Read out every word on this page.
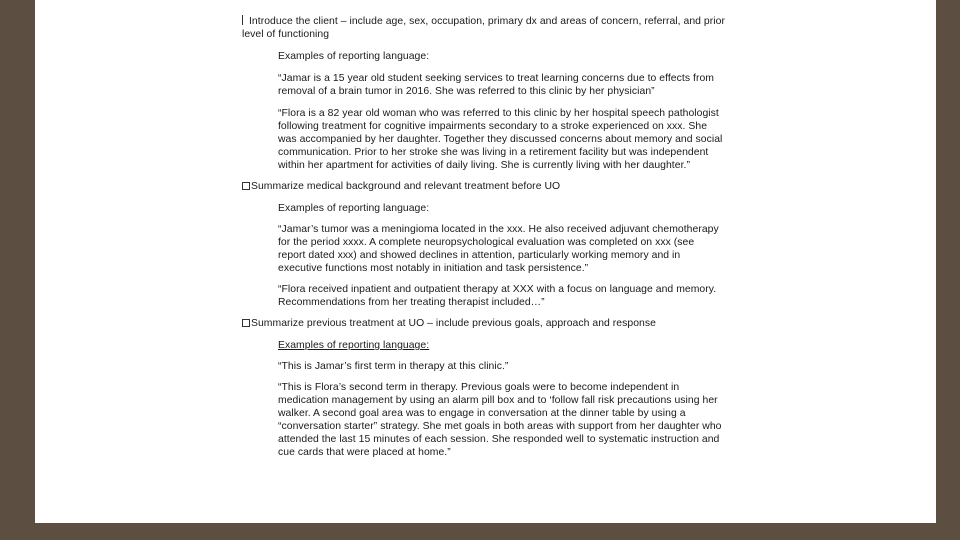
Introduce the client – include age, sex, occupation, primary dx and areas of concern, referral, and prior level of functioning

Examples of reporting language:

“Jamar is a 15 year old student seeking services to treat learning concerns due to effects from removal of a brain tumor in 2016. She was referred to this clinic by her physician”

“Flora is a 82 year old woman who was referred to this clinic by her hospital speech pathologist following treatment for cognitive impairments secondary to a stroke experienced on xxx. She was accompanied by her daughter. Together they discussed concerns about memory and social communication. Prior to her stroke she was living in a retirement facility but was independent within her apartment for activities of daily living. She is currently living with her daughter.”

Summarize medical background and relevant treatment before UO

Examples of reporting language:

“Jamar’s tumor was a meningioma located in the xxx. He also received adjuvant chemotherapy for the period xxxx. A complete neuropsychological evaluation was completed on xxx (see report dated xxx) and showed declines in attention, particularly working memory and in executive functions most notably in initiation and task persistence.”

“Flora received inpatient and outpatient therapy at XXX with a focus on language and memory. Recommendations from her treating therapist included…”

Summarize previous treatment at UO – include previous goals, approach and response

Examples of reporting language:

“This is Jamar’s first term in therapy at this clinic.”

“This is Flora’s second term in therapy. Previous goals were to become independent in medication management by using an alarm pill box and to ‘follow fall risk precautions using her walker. A second goal area was to engage in conversation at the dinner table by using a “conversation starter” strategy. She met goals in both areas with support from her daughter who attended the last 15 minutes of each session. She responded well to systematic instruction and cue cards that were placed at home.”
